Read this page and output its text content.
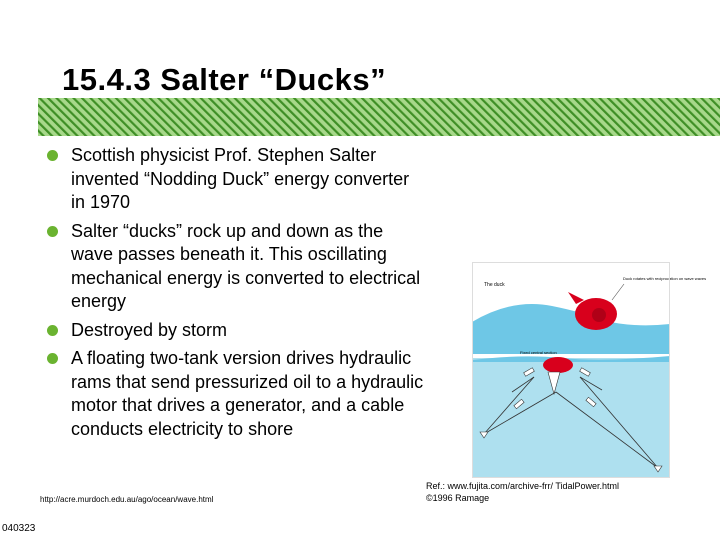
15.4.3 Salter “Ducks”
Scottish physicist Prof. Stephen Salter invented “Nodding Duck” energy converter in 1970
Salter “ducks” rock up and down as the wave passes beneath it. This oscillating mechanical energy is converted to electrical energy
Destroyed by storm
A floating two-tank version drives hydraulic rams that send pressurized oil to a hydraulic motor that drives a generator, and a cable conducts electricity to shore
The duck
Duck rotates with reciprocation on wave waves
Fixed central section
http://acre.murdoch.edu.au/ago/ocean/wave.html
Ref.: www.fujita.com/archive-frr/ TidalPower.html
©1996 Ramage
040323
